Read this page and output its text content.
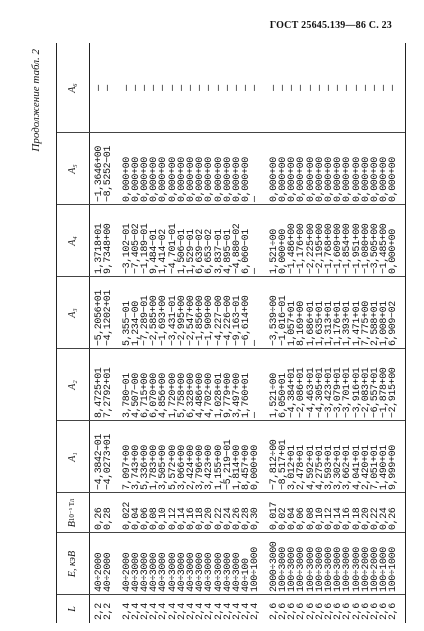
ГОСТ 25645.139—86 С. 23
Продолжение табл. 2
L
E, кэВ
B

10⁻⁵ Тл
A₁
A₂
A₃
A₄
A₅
A₆
2,2
40÷2000
0,26
−4,3842−01
8,4725+01
−5,2056+01
1,3718+01
−1,3646+00
—
2,2
40÷2000
0,28
−4,0273+01
7,2792+01
−4,1202+01
9,7348+00
−8,5252−01
—
2,4
40÷2000
0,022
7,097+00
3,780−01
5,355−01
−3,102−01
0,000+00
—
2,4
40÷3000
0,04
3,743+00
4,507−00
1,234−00
−7,405−02
0,000+00
—
2,4
40÷3000
0,06
5,336+00
6,715+00
−7,289−01
−1,189−01
0,000+00
—
2,4
40÷3000
0,08
1,783+00
6,070+00
−2,585+00
9,484−01
0,000+00
—
2,4
40÷3000
0,10
3,505+00
4,856+00
−1,693+00
1,414−02
0,000+00
—
2,4
40÷3000
0,12
5,572+00
1,720+00
−3,431−01
−4,701−01
0,000+00
—
2,4
40÷3000
0,14
3,066+00
5,758+00
−2,995+00
1,506−01
0,000+00
—
2,4
40÷3000
0,16
2,424+00
6,328+00
−2,547+00
1,529−01
0,000+00
—
2,4
40÷3000
0,18
3,796+00
4,486+00
−1,856+00
6,639−02
0,000+00
—
2,4
40÷3000
0,20
3,423+00
4,702+00
−1,909+00
6,653−02
0,000+00
—
2,4
40÷3000
0,22
1,155+00
1,028+01
−4,227−00
3,837−01
0,000+00
—
2,4
40÷3000
0,24
−5,219−01
9,779+00
−4,226−00
4,895−01
0,000+00
—
2,4
40÷3000
0,26
1,814+00
3,497+00
−9,163−01
−4,880−02
0,000+00
—
2,4
40÷100
0,28
8,457+00
1,760+01
−6,614+00
6,060−01
0,000+00
—
2,4
100÷1000
0,30
0,000+00
—
—
—
—
—
2,6
2000÷3000
0,017
−7,812÷00
1,521÷00
−3,539÷00
1,521÷00
0,000+00
—
2,6
100÷3000
0,02
−8,517+01
6,050+01
−1,016−01
0,000+00
0,000+00
—
2,6
100÷3000
0,04
3,012+01
−4,384+01
1,057+01
−1,486+00
0,000+00
—
2,6
100÷3000
0,06
2,478+01
−2,086+01
8,169+00
−1,176+00
0,000+00
—
2,6
100÷3000
0,08
4,592+01
−4,463+01
1,686+01
−2,225+00
0,000+00
—
2,6
100÷3000
0,10
4,275+01
−4,305+01
1,635+01
−2,195+00
0,000+00
—
2,6
100÷3000
0,12
3,593+01
−3,423+01
1,313+01
−1,768+00
0,000+00
—
2,6
100÷3000
0,14
3,302+01
−3,079+01
1,176+01
−1,609+00
0,000+00
—
2,6
100÷3000
0,16
3,662+01
−3,701+01
1,393+01
−1,854+00
0,000+00
—
2,6
100÷3000
0,18
4,041+01
−3,916+01
1,471+01
−1,951+00
0,000+00
—
2,6
100÷2000
0,20
2,420+01
−2,083+01
7,775+00
−1,080+00
0,000+00
—
2,6
100÷2000
0,22
7,051+01
−6,557+01
2,588+01
−3,505+00
0,000+00
—
2,6
100÷1000
0,24
1,490+01
−1,878+00
1,008+01
−1,485+00
0,000+00
—
2,6
100÷1000
0,26
9,999+00
−2,915+00
6,909−02
0,000+00
0,000+00
—
